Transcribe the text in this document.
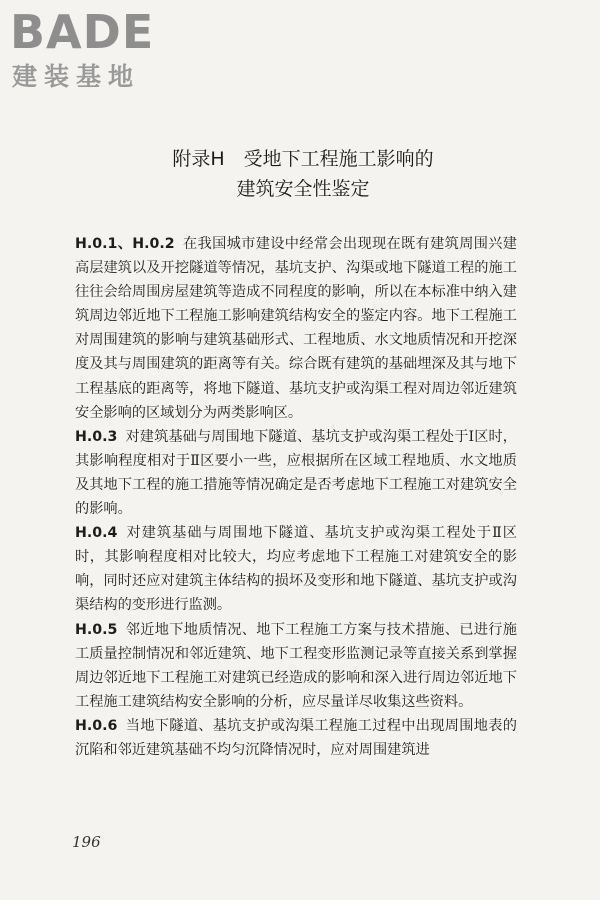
BADE
建装基地
附录H　受地下工程施工影响的
建筑安全性鉴定

H.0.1、H.0.2 在我国城市建设中经常会出现现在既有建筑周围兴建高层建筑以及开挖隧道等情况，基坑支护、沟渠或地下隧道工程的施工往往会给周围房屋建筑等造成不同程度的影响，所以在本标准中纳入建筑周边邻近地下工程施工影响建筑结构安全的鉴定内容。地下工程施工对周围建筑的影响与建筑基础形式、工程地质、水文地质情况和开挖深度及其与周围建筑的距离等有关。综合既有建筑的基础埋深及其与地下工程基底的距离等，将地下隧道、基坑支护或沟渠工程对周边邻近建筑安全影响的区域划分为两类影响区。

H.0.3 对建筑基础与周围地下隧道、基坑支护或沟渠工程处于Ⅰ区时，其影响程度相对于Ⅱ区要小一些，应根据所在区域工程地质、水文地质及其地下工程的施工措施等情况确定是否考虑地下工程施工对建筑安全的影响。

H.0.4 对建筑基础与周围地下隧道、基坑支护或沟渠工程处于Ⅱ区时，其影响程度相对比较大，均应考虑地下工程施工对建筑安全的影响，同时还应对建筑主体结构的损坏及变形和地下隧道、基坑支护或沟渠结构的变形进行监测。

H.0.5 邻近地下地质情况、地下工程施工方案与技术措施、已进行施工质量控制情况和邻近建筑、地下工程变形监测记录等直接关系到掌握周边邻近地下工程施工对建筑已经造成的影响和深入进行周边邻近地下工程施工建筑结构安全影响的分析，应尽量详尽收集这些资料。

H.0.6 当地下隧道、基坑支护或沟渠工程施工过程中出现周围地表的沉陷和邻近建筑基础不均匀沉降情况时，应对周围建筑进

196
